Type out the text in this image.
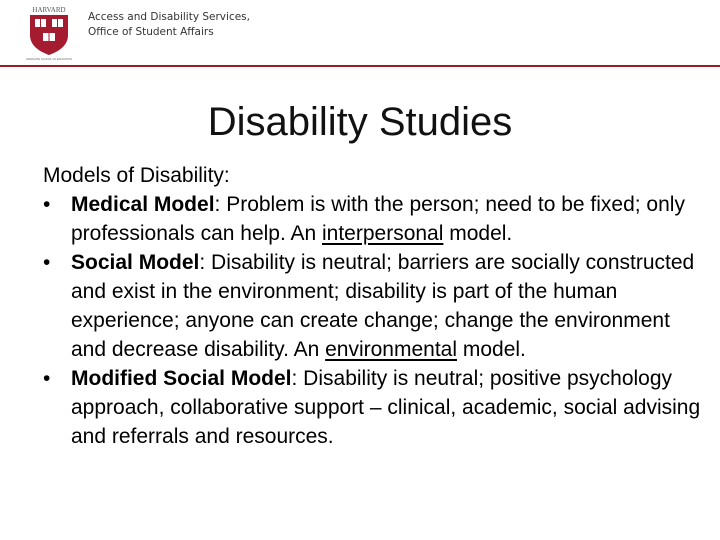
HARVARD
GRADUATE SCHOOL OF EDUCATION
Access and Disability Services,
Office of Student Affairs
Disability Studies

Models of Disability:

• Medical Model: Problem is with the person; need to be fixed; only professionals can help. An interpersonal model.
• Social Model: Disability is neutral; barriers are socially constructed and exist in the environment; disability is part of the human experience; anyone can create change; change the environment and decrease disability. An environmental model.
• Modified Social Model: Disability is neutral; positive psychology approach, collaborative support – clinical, academic, social advising and referrals and resources.
